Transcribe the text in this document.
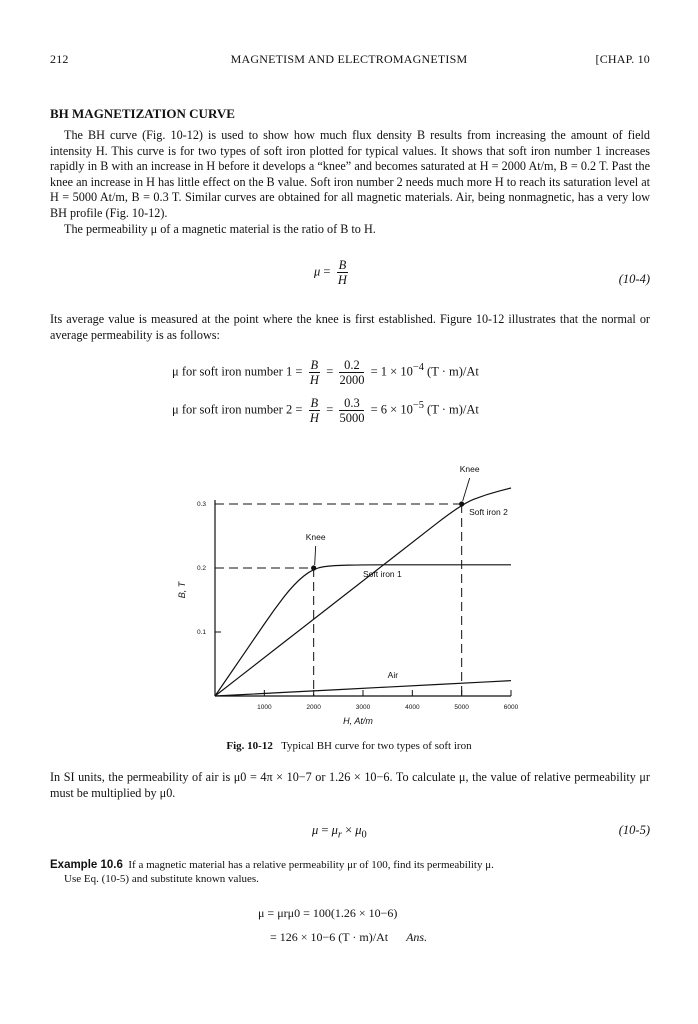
212	MAGNETISM AND ELECTROMAGNETISM	[CHAP. 10
BH MAGNETIZATION CURVE

The BH curve (Fig. 10-12) is used to show how much flux density B results from increasing the amount of field intensity H. This curve is for two types of soft iron plotted for typical values. It shows that soft iron number 1 increases rapidly in B with an increase in H before it develops a “knee” and becomes saturated at H = 2000 At/m, B = 0.2 T. Past the knee an increase in H has little effect on the B value. Soft iron number 2 needs much more H to reach its saturation level at H = 5000 At/m, B = 0.3 T. Similar curves are obtained for all magnetic materials. Air, being nonmagnetic, has a very low BH profile (Fig. 10-12).

The permeability μ of a magnetic material is the ratio of B to H.

$\mu = \frac{B}{H}$	(10-4)

Its average value is measured at the point where the knee is first established. Figure 10-12 illustrates that the normal or average permeability is as follows:

μ for soft iron number $1 = \frac{B}{H} = \frac{0.2}{2000} = 1 \times 10^{-4}$ (T · m)/At
μ for soft iron number $2 = \frac{B}{H} = \frac{0.3}{5000} = 6 \times 10^{-5}$ (T · m)/At
1000	2000	3000	4000	5000	6000
0.1
0.2
0.3
H, At/m
B, T
Soft iron 1
Soft iron 2
Air
Knee
Knee
Fig. 10-12 Typical BH curve for two types of soft iron

In SI units, the permeability of air is μ0 = 4π × 10−7 or 1.26 × 10−6. To calculate μ, the value of relative permeability μr must be multiplied by μ0.

$\mu = \mu_r \times \mu_0$	(10-5)
Example 10.6 If a magnetic material has a relative permeability μr of 100, find its permeability μ.
Use Eq. (10-5) and substitute known values.
μ = μrμ0 = 100(1.26 × 10−6)
= 126 × 10−6 (T · m)/At Ans.
